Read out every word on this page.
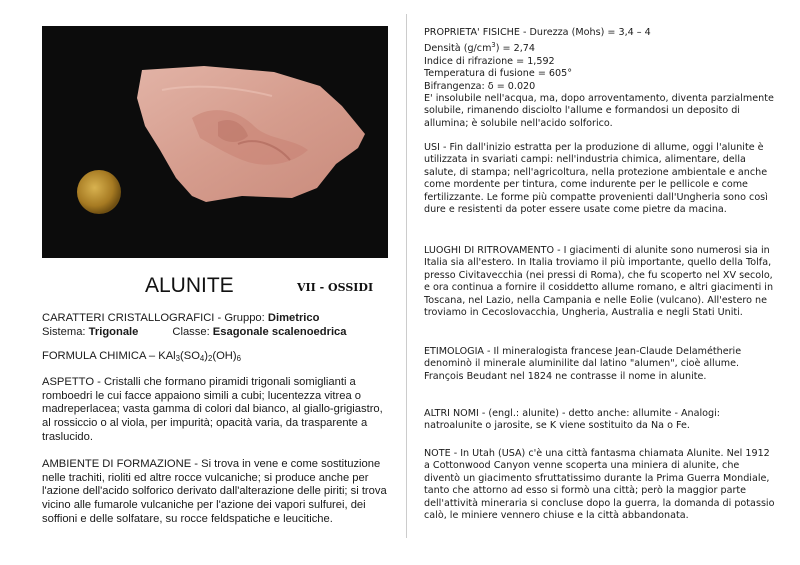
ALUNITE	VII - OSSIDI

CARATTERI CRISTALLOGRAFICI - Gruppo: Dimetrico

Sistema: Trigonale	Classe: Esagonale scalenoedrica

FORMULA CHIMICA – $KAl_3(SO_4)_2(OH)_6$

ASPETTO - Cristalli che formano piramidi trigonali somiglianti a romboedri le cui facce appaiono simili a cubi; lucentezza vitrea o madreperlacea; vasta gamma di colori dal bianco, al giallo-grigiastro, al rossiccio o al viola, per impurità; opacità varia, da trasparente a traslucido.

AMBIENTE DI FORMAZIONE - Si trova in vene e come sostituzione nelle trachiti, rioliti ed altre rocce vulcaniche; si produce anche per l'azione dell'acido solforico derivato dall'alterazione delle piriti; si trova vicino alle fumarole vulcaniche per l'azione dei vapori sulfurei, dei soffioni e delle solfatare, su rocce feldspatiche e leucitiche.

PROPRIETA' FISICHE - Durezza (Mohs) = 3,4 – 4

Densità $(g/cm^3) = 2,74$

Indice di rifrazione = 1,592

Temperatura di fusione = 605°

Bifrangenza: δ = 0.020

E' insolubile nell'acqua, ma, dopo arroventamento, diventa parzialmente solubile, rimanendo disciolto l'allume e formandosi un deposito di allumina; è solubile nell'acido solforico.

USI - Fin dall'inizio estratta per la produzione di allume, oggi l'alunite è utilizzata in svariati campi: nell'industria chimica, alimentare, della salute, di stampa; nell'agricoltura, nella protezione ambientale e anche come mordente per tintura, come indurente per le pellicole e come fertilizzante. Le forme più compatte provenienti dall'Ungheria sono così dure e resistenti da poter essere usate come pietre da macina.

LUOGHI DI RITROVAMENTO - I giacimenti di alunite sono numerosi sia in Italia sia all'estero. In Italia troviamo il più importante, quello della Tolfa, presso Civitavecchia (nei pressi di Roma), che fu scoperto nel XV secolo, e ora continua a fornire il cosiddetto allume romano, e altri giacimenti in Toscana, nel Lazio, nella Campania e nelle Eolie (vulcano). All'estero ne troviamo in Cecoslovacchia, Ungheria, Australia e negli Stati Uniti.

ETIMOLOGIA - Il mineralogista francese Jean-Claude Delamétherie denominò il minerale aluminilite dal latino "alumen", cioè allume. François Beudant nel 1824 ne contrasse il nome in alunite.

ALTRI NOMI - (engl.: alunite) - detto anche: allumite - Analogi: natroalunite o jarosite, se K viene sostituito da Na o Fe.

NOTE - In Utah (USA) c'è una città fantasma chiamata Alunite. Nel 1912 a Cottonwood Canyon venne scoperta una miniera di alunite, che diventò un giacimento sfruttatissimo durante la Prima Guerra Mondiale, tanto che attorno ad esso si formò una città; però la maggior parte dell'attività mineraria si concluse dopo la guerra, la domanda di potassio calò, le miniere vennero chiuse e la città abbandonata.
